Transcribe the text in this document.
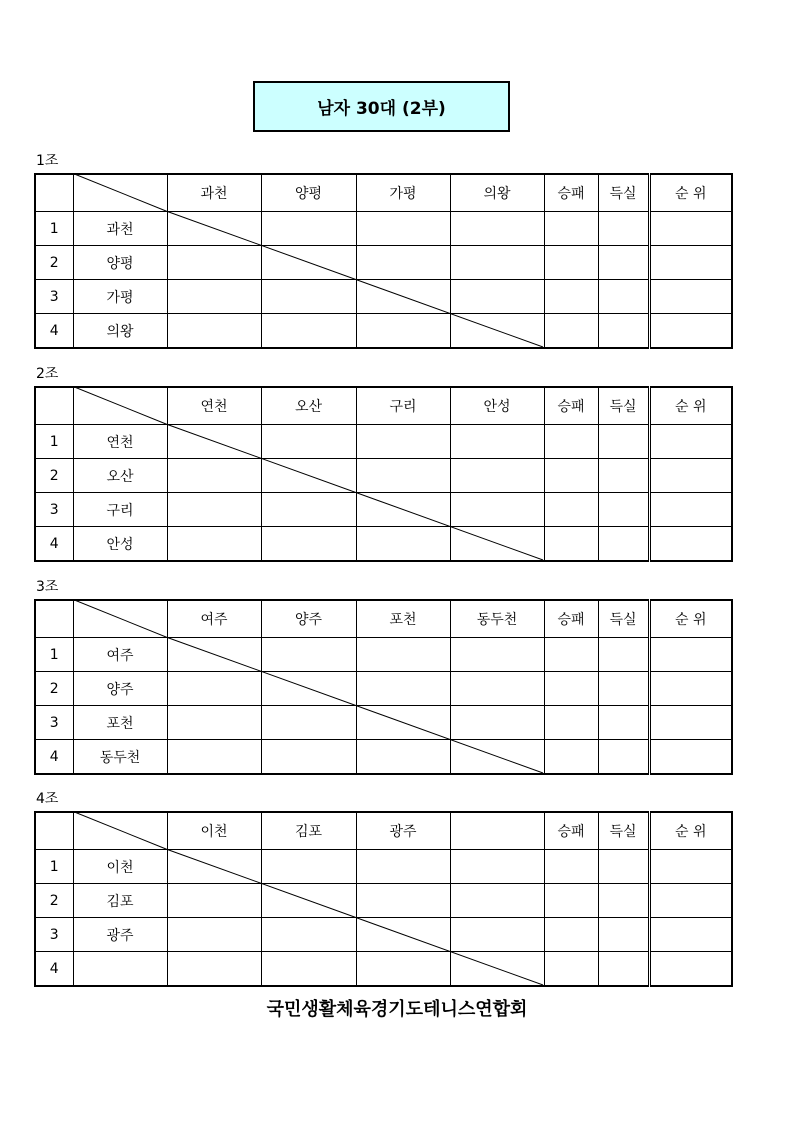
남자 30대 (2부)
1조
		과천	양평	가평	의왕	승패	득실	순 위
1	과천							
2	양평							
3	가평							
4	의왕							
2조
		연천	오산	구리	안성	승패	득실	순 위
1	연천							
2	오산							
3	구리							
4	안성							
3조
		여주	양주	포천	동두천	승패	득실	순 위
1	여주							
2	양주							
3	포천							
4	동두천							
4조
		이천	김포	광주		승패	득실	순 위
1	이천							
2	김포							
3	광주							
4								
국민생활체육경기도테니스연합회
